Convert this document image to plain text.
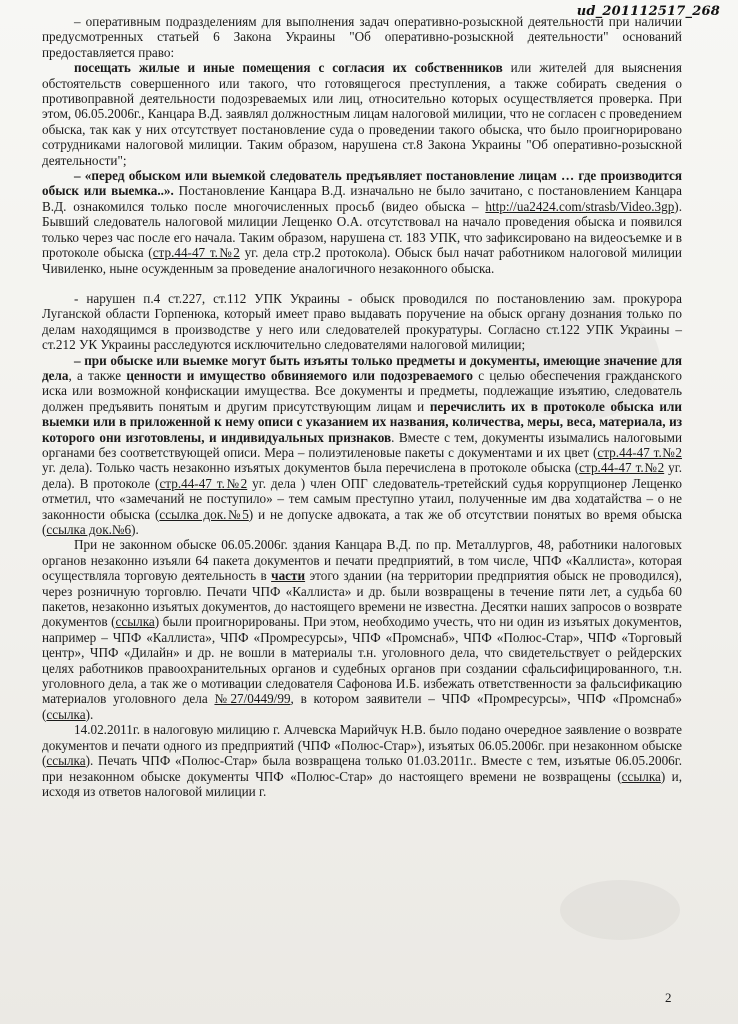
ud_201112517_268

– оперативным подразделениям для выполнения задач оперативно-розыскной деятельности при наличии предусмотренных статьей 6 Закона Украины "Об оперативно-розыскной деятельности" оснований предоставляется право:
посещать жилые и иные помещения с согласия их собственников или жителей для выяснения обстоятельств совершенного или такого, что готовящегося преступления, а также собирать сведения о противоправной деятельности подозреваемых или лиц, относительно которых осуществляется проверка. При этом, 06.05.2006г., Канцара В.Д. заявлял должностным лицам налоговой милиции, что не согласен с проведением обыска, так как у них отсутствует постановление суда о проведении такого обыска, что было проигнорировано сотрудниками налоговой милиции. Таким образом, нарушена ст.8 Закона Украины "Об оперативно-розыскной деятельности";

– «перед обыском или выемкой следователь предъявляет постановление лицам … где производится обыск или выемка..». Постановление Канцара В.Д. изначально не было зачитано, с постановлением Канцара В.Д. ознакомился только после многочисленных просьб (видео обыска – http://ua2424.com/strasb/Video.3gp). Бывший следователь налоговой милиции Лещенко О.А. отсутствовал на начало проведения обыска и появился только через час после его начала. Таким образом, нарушена ст. 183 УПК, что зафиксировано на видеосъемке и в протоколе обыска (стр.44-47 т.№2 уг. дела стр.2 протокола). Обыск был начат работником налоговой милиции Чивиленко, ныне осужденным за проведение аналогичного незаконного обыска.

- нарушен п.4 ст.227, ст.112 УПК Украины - обыск проводился по постановлению зам. прокурора Луганской области Горпенюка, который имеет право выдавать поручение на обыск органу дознания только по делам находящимся в производстве у него или следователей прокуратуры. Согласно ст.122 УПК Украины – ст.212 УК Украины расследуются исключительно следователями налоговой милиции;

– при обыске или выемке могут быть изъяты только предметы и документы, имеющие значение для дела, а также ценности и имущество обвиняемого или подозреваемого с целью обеспечения гражданского иска или возможной конфискации имущества. Все документы и предметы, подлежащие изъятию, следователь должен предъявить понятым и другим присутствующим лицам и перечислить их в протоколе обыска или выемки или в приложенной к нему описи с указанием их названия, количества, меры, веса, материала, из которого они изготовлены, и индивидуальных признаков. Вместе с тем, документы изымались налоговыми органами без соответствующей описи. Мера – полиэтиленовые пакеты с документами и их цвет (стр.44-47 т.№2 уг. дела). Только часть незаконно изъятых документов была перечислена в протоколе обыска (стр.44-47 т.№2 уг. дела). В протоколе (стр.44-47 т.№2 уг. дела ) член ОПГ следователь-третейский судья коррупционер Лещенко отметил, что «замечаний не поступило» – тем самым преступно утаил, полученные им два ходатайства – о не законности обыска (ссылка док.№5) и не допуске адвоката, а так же об отсутствии понятых во время обыска (ссылка док.№6).

При не законном обыске 06.05.2006г. здания Канцара В.Д. по пр. Металлургов, 48, работники налоговых органов незаконно изъяли 64 пакета документов и печати предприятий, в том числе, ЧПФ «Каллиста», которая осуществляла торговую деятельность в части этого здании (на территории предприятия обыск не проводился), через розничную торговлю. Печати ЧПФ «Каллиста» и др. были возвращены в течение пяти лет, а судьба 60 пакетов, незаконно изъятых документов, до настоящего времени не известна. Десятки наших запросов о возврате документов (ссылка) были проигнорированы. При этом, необходимо учесть, что ни один из изъятых документов, например – ЧПФ «Каллиста», ЧПФ «Промресурсы», ЧПФ «Промснаб», ЧПФ «Полюс-Стар», ЧПФ «Торговый центр», ЧПФ «Дилайн» и др. не вошли в материалы т.н. уголовного дела, что свидетельствует о рейдерских целях работников правоохранительных органов и судебных органов при создании сфальсифицированного, т.н. уголовного дела, а так же о мотивации следователя Сафонова И.Б. избежать ответственности за фальсификацию материалов уголовного дела №27/0449/99, в котором заявители – ЧПФ «Промресурсы», ЧПФ «Промснаб» (ссылка).

14.02.2011г. в налоговую милицию г. Алчевска Марийчук Н.В. было подано очередное заявление о возврате документов и печати одного из предприятий (ЧПФ «Полюс-Стар»), изъятых 06.05.2006г. при незаконном обыске (ссылка). Печать ЧПФ «Полюс-Стар» была возвращена только 01.03.2011г.. Вместе с тем, изъятые 06.05.2006г. при незаконном обыске документы ЧПФ «Полюс-Стар» до настоящего времени не возвращены (ссылка) и, исходя из ответов налоговой милиции г.

2
